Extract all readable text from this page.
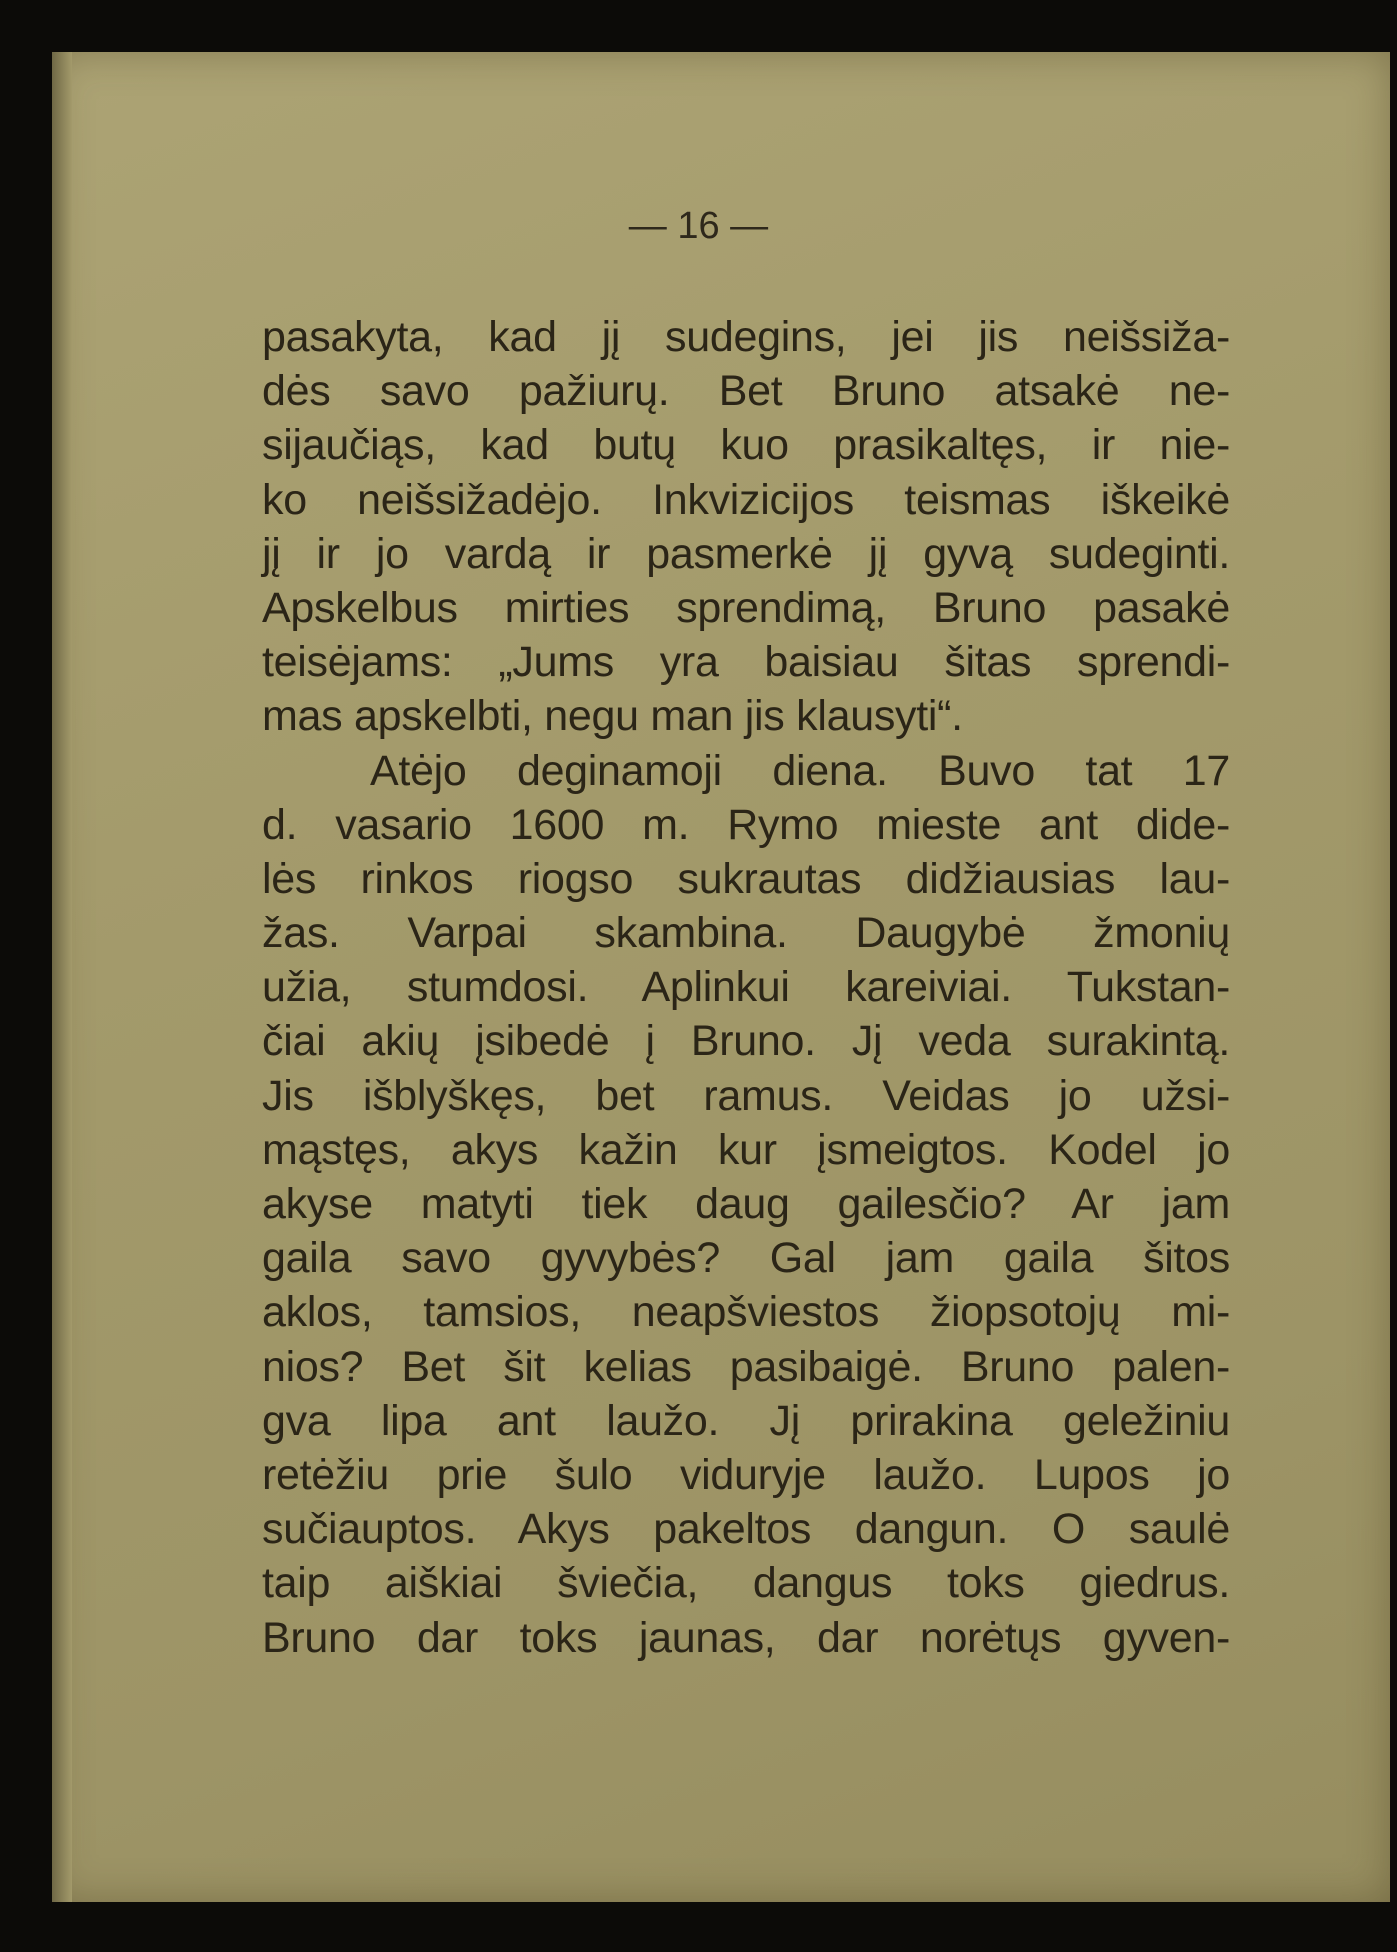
— 16 —
pasakyta, kad jį sudegins, jei jis neišsiža-
dės savo pažiurų. Bet Bruno atsakė ne-
sijaučiąs, kad butų kuo prasikaltęs, ir nie-
ko neišsižadėjo. Inkvizicijos teismas iškeikė
jį ir jo vardą ir pasmerkė jį gyvą sudeginti.
Apskelbus mirties sprendimą, Bruno pasakė
teisėjams: „Jums yra baisiau šitas sprendi-
mas apskelbti, negu man jis klausyti“.
Atėjo deginamoji diena. Buvo tat 17
d. vasario 1600 m. Rymo mieste ant dide-
lės rinkos riogso sukrautas didžiausias lau-
žas. Varpai skambina. Daugybė žmonių
užia, stumdosi. Aplinkui kareiviai. Tukstan-
čiai akių įsibedė į Bruno. Jį veda surakintą.
Jis išblyškęs, bet ramus. Veidas jo užsi-
mąstęs, akys kažin kur įsmeigtos. Kodel jo
akyse matyti tiek daug gailesčio? Ar jam
gaila savo gyvybės? Gal jam gaila šitos
aklos, tamsios, neapšviestos žiopsotojų mi-
nios? Bet šit kelias pasibaigė. Bruno palen-
gva lipa ant laužo. Jį prirakina geležiniu
retėžiu prie šulo viduryje laužo. Lupos jo
sučiauptos. Akys pakeltos dangun. O saulė
taip aiškiai šviečia, dangus toks giedrus.
Bruno dar toks jaunas, dar norėtųs gyven-
